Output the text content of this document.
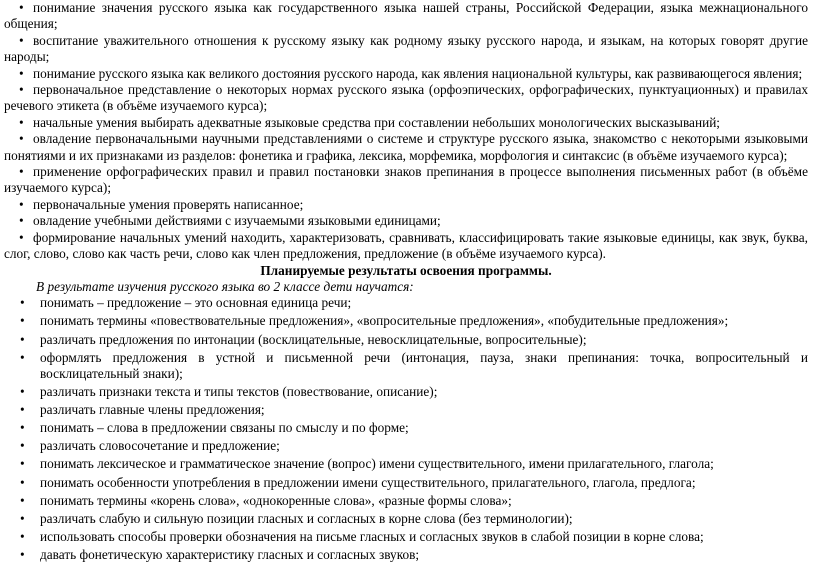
• понимание значения русского языка как государственного языка нашей страны, Российской Федерации, языка межнационального общения;

• воспитание уважительного отношения к русскому языку как родному языку русского народа, и языкам, на которых говорят другие народы;

• понимание русского языка как великого достояния русского народа, как явления национальной культуры, как развивающегося явления;

• первоначальное представление о некоторых нормах русского языка (орфоэпических, орфографических, пунктуационных) и правилах речевого этикета (в объёме изучаемого курса);

• начальные умения выбирать адекватные языковые средства при составлении небольших монологических высказываний;

• овладение первоначальными научными представлениями о системе и структуре русского языка, знакомство с некоторыми языковыми понятиями и их признаками из разделов: фонетика и графика, лексика, морфемика, морфология и синтаксис (в объёме изучаемого курса);

• применение орфографических правил и правил постановки знаков препинания в процессе выполнения письменных работ (в объёме изучаемого курса);

• первоначальные умения проверять написанное;

• овладение учебными действиями с изучаемыми языковыми единицами;

• формирование начальных умений находить, характеризовать, сравнивать, классифицировать такие языковые единицы, как звук, буква, слог, слово, слово как часть речи, слово как член предложения, предложение (в объёме изучаемого курса).

Планируемые результаты освоения программы.

В результате изучения русского языка во 2 классе дети научатся:

• понимать – предложение – это основная единица речи;
• понимать термины «повествовательные предложения», «вопросительные предложения», «побудительные предложения»;
• различать предложения по интонации (восклицательные, невосклицательные, вопросительные);
• оформлять предложения в устной и письменной речи (интонация, пауза, знаки препинания: точка, вопросительный и восклицательный знаки);
• различать признаки текста и типы текстов (повествование, описание);
• различать главные члены предложения;
• понимать – слова в предложении связаны по смыслу и по форме;
• различать словосочетание и предложение;
• понимать лексическое и грамматическое значение (вопрос) имени существительного, имени прилагательного, глагола;
• понимать особенности употребления в предложении имени существительного, прилагательного, глагола, предлога;
• понимать термины «корень слова», «однокоренные слова», «разные формы слова»;
• различать слабую и сильную позиции гласных и согласных в корне слова (без терминологии);
• использовать способы проверки обозначения на письме гласных и согласных звуков в слабой позиции в корне слова;
• давать фонетическую характеристику гласных и согласных звуков;
